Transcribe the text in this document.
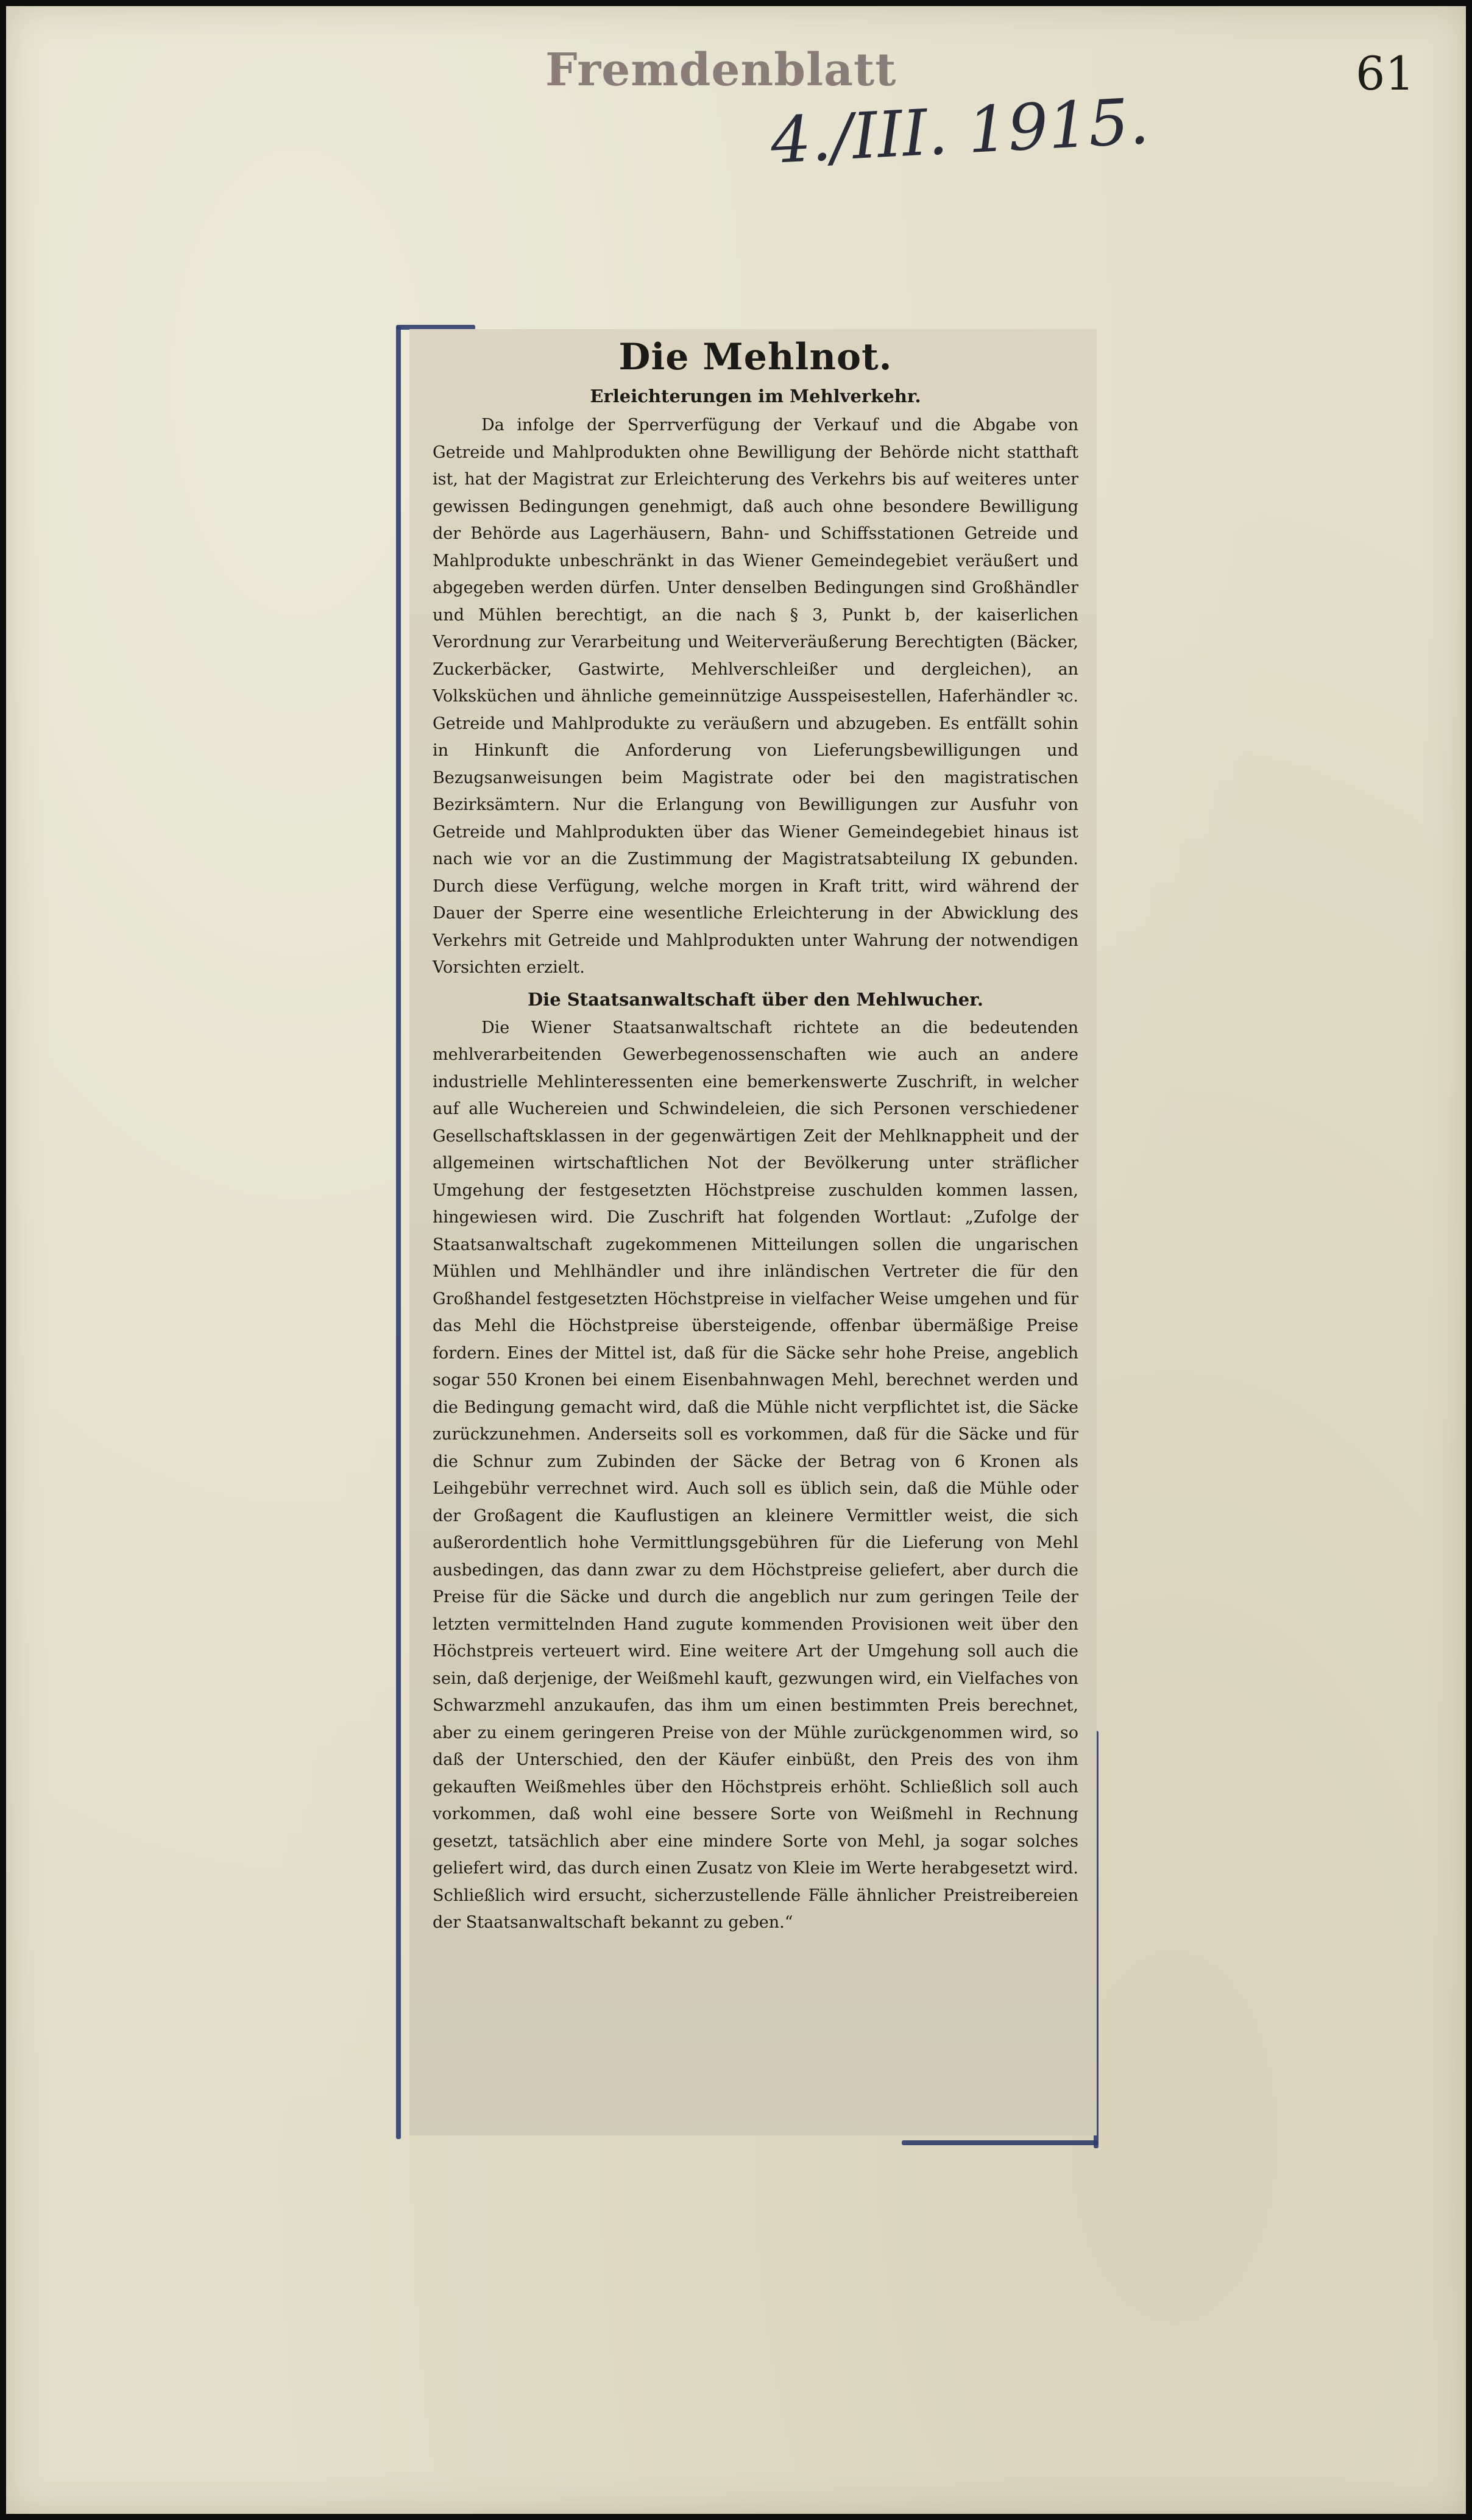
Fremdenblatt	61
4./III. 1915.
Die Mehlnot.
Erleichterungen im Mehlverkehr.

Da infolge der Sperrverfügung der Verkauf und die Abgabe von Getreide und Mahlprodukten ohne Bewilligung der Behörde nicht statthaft ist, hat der Magistrat zur Erleichterung des Verkehrs bis auf weiteres unter gewissen Bedingungen genehmigt, daß auch ohne besondere Bewilligung der Behörde aus Lagerhäusern, Bahn- und Schiffsstationen Getreide und Mahlprodukte unbeschränkt in das Wiener Gemeindegebiet veräußert und abgegeben werden dürfen. Unter denselben Bedingungen sind Großhändler und Mühlen berechtigt, an die nach § 3, Punkt b, der kaiserlichen Verordnung zur Verarbeitung und Weiterveräußerung Berechtigten (Bäcker, Zuckerbäcker, Gastwirte, Mehlverschleißer und dergleichen), an Volksküchen und ähnliche gemeinnützige Ausspeisestellen, Haferhändler ꝛc. Getreide und Mahlprodukte zu veräußern und abzugeben. Es entfällt sohin in Hinkunft die Anforderung von Lieferungsbewilligungen und Bezugsanweisungen beim Magistrate oder bei den magistratischen Bezirksämtern. Nur die Erlangung von Bewilligungen zur Ausfuhr von Getreide und Mahlprodukten über das Wiener Gemeindegebiet hinaus ist nach wie vor an die Zustimmung der Magistratsabteilung IX gebunden. Durch diese Verfügung, welche morgen in Kraft tritt, wird während der Dauer der Sperre eine wesentliche Erleichterung in der Abwicklung des Verkehrs mit Getreide und Mahlprodukten unter Wahrung der notwendigen Vorsichten erzielt.

Die Staatsanwaltschaft über den Mehlwucher.

Die Wiener Staatsanwaltschaft richtete an die bedeutenden mehlverarbeitenden Gewerbegenossenschaften wie auch an andere industrielle Mehlinteressenten eine bemerkenswerte Zuschrift, in welcher auf alle Wuchereien und Schwindeleien, die sich Personen verschiedener Gesellschaftsklassen in der gegenwärtigen Zeit der Mehlknappheit und der allgemeinen wirtschaftlichen Not der Bevölkerung unter sträflicher Umgehung der festgesetzten Höchstpreise zuschulden kommen lassen, hingewiesen wird. Die Zuschrift hat folgenden Wortlaut: „Zufolge der Staatsanwaltschaft zugekommenen Mitteilungen sollen die ungarischen Mühlen und Mehlhändler und ihre inländischen Vertreter die für den Großhandel festgesetzten Höchstpreise in vielfacher Weise umgehen und für das Mehl die Höchstpreise übersteigende, offenbar übermäßige Preise fordern. Eines der Mittel ist, daß für die Säcke sehr hohe Preise, angeblich sogar 550 Kronen bei einem Eisenbahnwagen Mehl, berechnet werden und die Bedingung gemacht wird, daß die Mühle nicht verpflichtet ist, die Säcke zurückzunehmen. Anderseits soll es vorkommen, daß für die Säcke und für die Schnur zum Zubinden der Säcke der Betrag von 6 Kronen als Leihgebühr verrechnet wird. Auch soll es üblich sein, daß die Mühle oder der Großagent die Kauflustigen an kleinere Vermittler weist, die sich außerordentlich hohe Vermittlungsgebühren für die Lieferung von Mehl ausbedingen, das dann zwar zu dem Höchstpreise geliefert, aber durch die Preise für die Säcke und durch die angeblich nur zum geringen Teile der letzten vermittelnden Hand zugute kommenden Provisionen weit über den Höchstpreis verteuert wird. Eine weitere Art der Umgehung soll auch die sein, daß derjenige, der Weißmehl kauft, gezwungen wird, ein Vielfaches von Schwarzmehl anzukaufen, das ihm um einen bestimmten Preis berechnet, aber zu einem geringeren Preise von der Mühle zurückgenommen wird, so daß der Unterschied, den der Käufer einbüßt, den Preis des von ihm gekauften Weißmehles über den Höchstpreis erhöht. Schließlich soll auch vorkommen, daß wohl eine bessere Sorte von Weißmehl in Rechnung gesetzt, tatsächlich aber eine mindere Sorte von Mehl, ja sogar solches geliefert wird, das durch einen Zusatz von Kleie im Werte herabgesetzt wird. Schließlich wird ersucht, sicherzustellende Fälle ähnlicher Preistreibereien der Staatsanwaltschaft bekannt zu geben.“
